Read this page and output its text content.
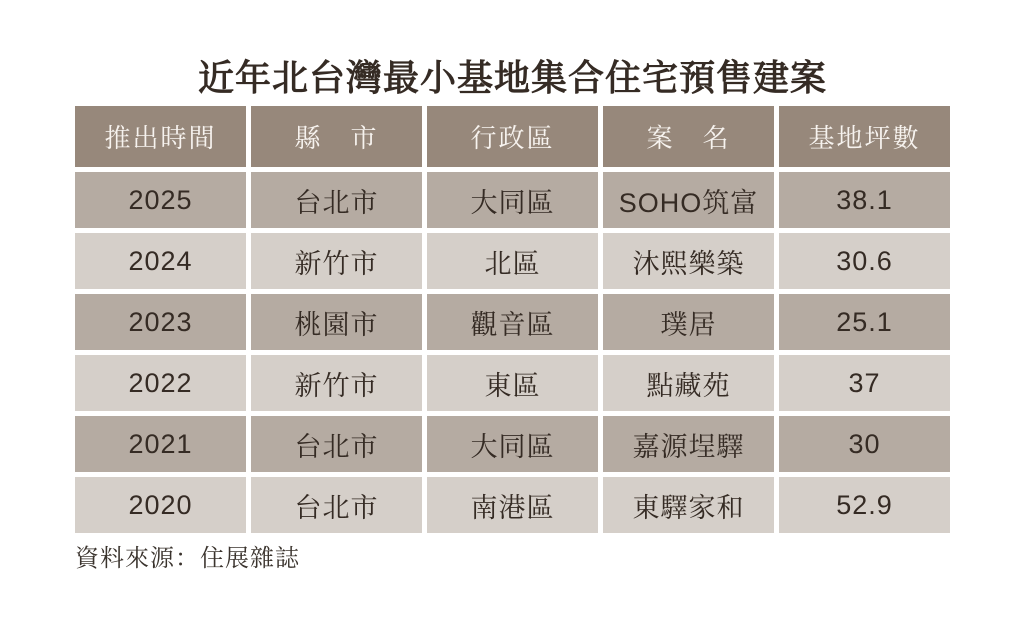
近年北台灣最小基地集合住宅預售建案
推出時間	縣　市	行政區	案　名	基地坪數
2025	台北市	大同區	SOHO筑富	38.1
2024	新竹市	北區	沐熙樂築	30.6
2023	桃園市	觀音區	璞居	25.1
2022	新竹市	東區	點藏苑	37
2021	台北市	大同區	嘉源埕驛	30
2020	台北市	南港區	東驛家和	52.9
資料來源：住展雜誌
